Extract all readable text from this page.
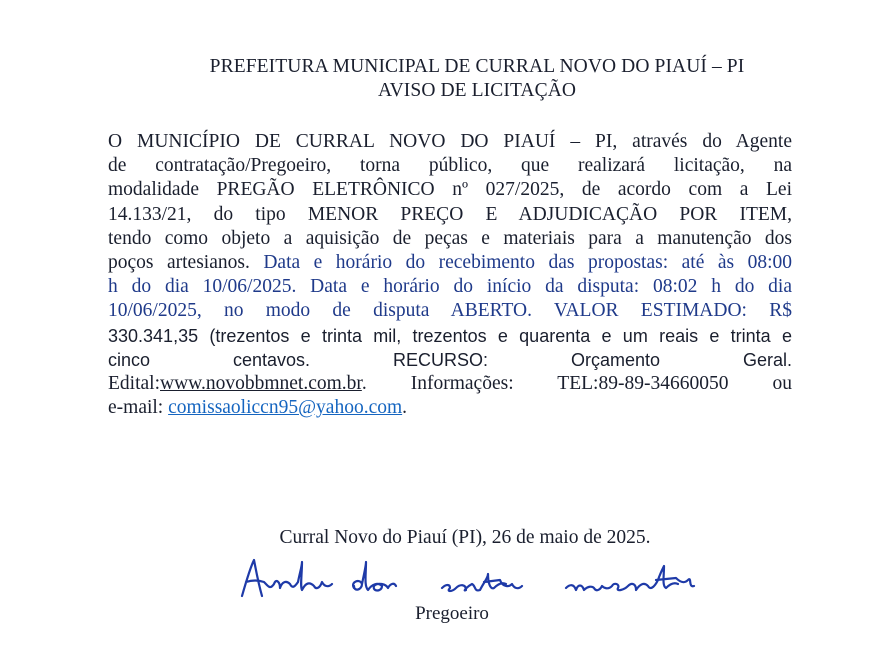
PREFEITURA MUNICIPAL DE CURRAL NOVO DO PIAUÍ – PI
AVISO DE LICITAÇÃO
O MUNICÍPIO DE CURRAL NOVO DO PIAUÍ – PI, através do Agente
de contratação/Pregoeiro, torna público, que realizará licitação, na
modalidade PREGÃO ELETRÔNICO nº 027/2025, de acordo com a Lei
14.133/21, do tipo MENOR PREÇO E ADJUDICAÇÃO POR ITEM,
tendo como objeto a aquisição de peças e materiais para a manutenção dos
poços artesianos. Data e horário do recebimento das propostas: até às 08:00
h do dia 10/06/2025. Data e horário do início da disputa: 08:02 h do dia
10/06/2025, no modo de disputa ABERTO. VALOR ESTIMADO: R$
330.341,35 (trezentos e trinta mil, trezentos e quarenta e um reais e trinta e
cinco centavos. RECURSO: Orçamento Geral.
Edital:www.novobbmnet.com.br. Informações: TEL:89-89-34660050 ou
e-mail: comissaoliccn95@yahoo.com.
Curral Novo do Piauí (PI), 26 de maio de 2025.
Pregoeiro
